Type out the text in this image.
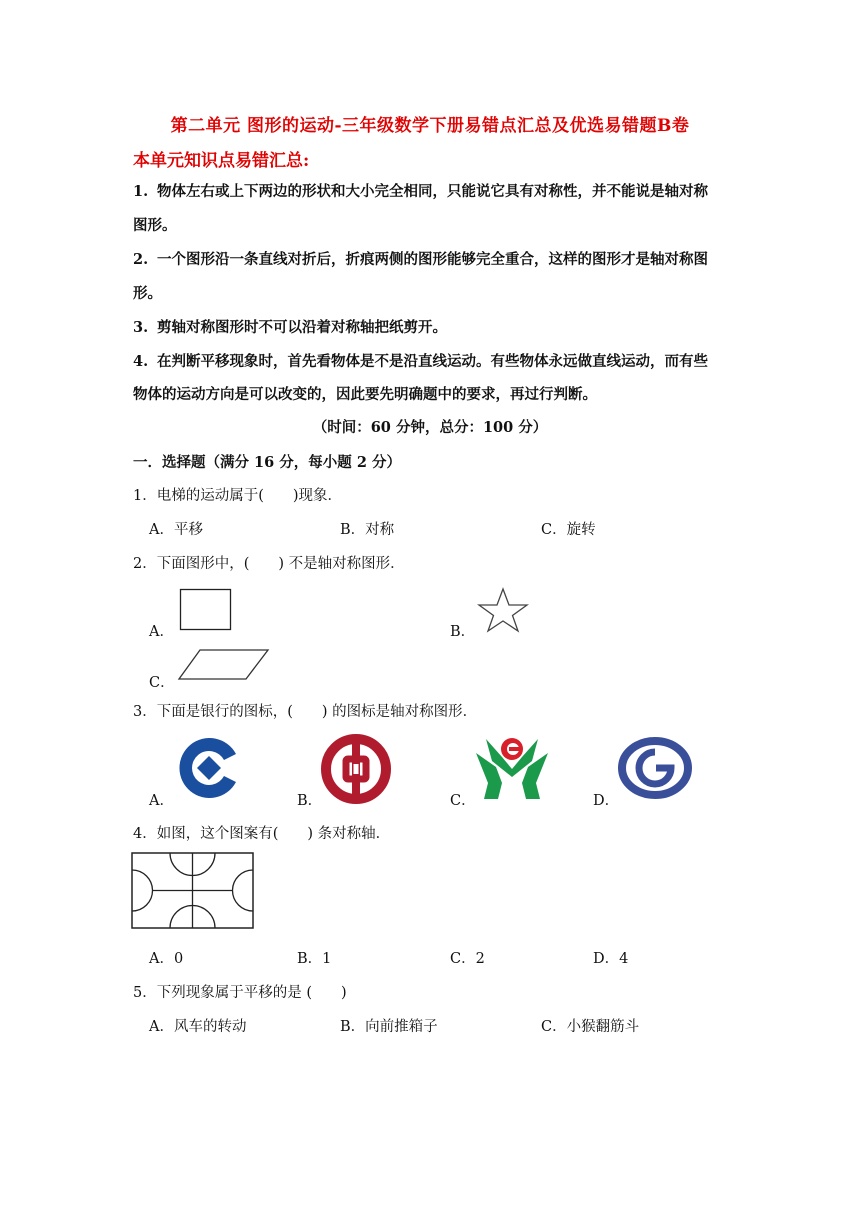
第二单元 图形的运动-三年级数学下册易错点汇总及优选易错题B卷
本单元知识点易错汇总:
1. 物体左右或上下两边的形状和大小完全相同，只能说它具有对称性，并不能说是轴对称
图形。
2. 一个图形沿一条直线对折后，折痕两侧的图形能够完全重合，这样的图形才是轴对称图
形。
3. 剪轴对称图形时不可以沿着对称轴把纸剪开。
4. 在判断平移现象时，首先看物体是不是沿直线运动。有些物体永远做直线运动，而有些
物体的运动方向是可以改变的，因此要先明确题中的要求，再过行判断。
（时间：60 分钟，总分：100 分）
一．选择题（满分 16 分，每小题 2 分）
1．电梯的运动属于(　　)现象．
A．平移	B．对称	C．旋转
2．下面图形中，(　　) 不是轴对称图形．
A．	B．
C．
3．下面是银行的图标，(　　) 的图标是轴对称图形．
A．	B．	C．	D．
4．如图，这个图案有(　　) 条对称轴．
A．0	B．1	C．2	D．4
5．下列现象属于平移的是 (　　)
A．风车的转动	B．向前推箱子	C．小猴翻筋斗
